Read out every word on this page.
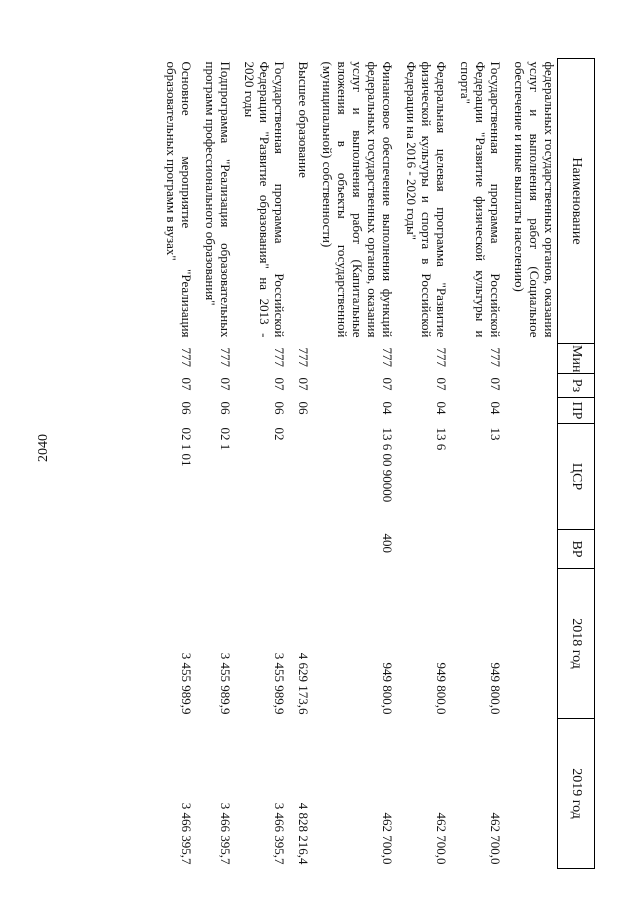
2040
Наименование	Мин	Рз	ПР	ЦСР	ВР	2018 год	2019 год
федеральных государственных органов, оказания услуг и выполнения работ (Социальное обеспечение и иные выплаты населению)							
Государственная программа Российской Федерации "Развитие физической культуры и спорта"	777	07	04	13		949 800,0	462 700,0
Федеральная целевая программа "Развитие физической культуры и спорта в Российской Федерации на 2016 - 2020 годы"	777	07	04	13 6		949 800,0	462 700,0
Финансовое обеспечение выполнения функций федеральных государственных органов, оказания услуг и выполнения работ (Капитальные вложения в объекты государственной (муниципальной) собственности)	777	07	04	13 6 00 90000	400	949 800,0	462 700,0
Высшее образование	777	07	06			4 629 173,6	4 828 216,4
Государственная программа Российской Федерации "Развитие образования" на 2013 - 2020 годы	777	07	06	02		3 455 989,9	3 466 395,7
Подпрограмма "Реализация образовательных программ профессионального образования"	777	07	06	02 1		3 455 989,9	3 466 395,7
Основное мероприятие "Реализация образовательных программ в вузах"	777	07	06	02 1 01		3 455 989,9	3 466 395,7
